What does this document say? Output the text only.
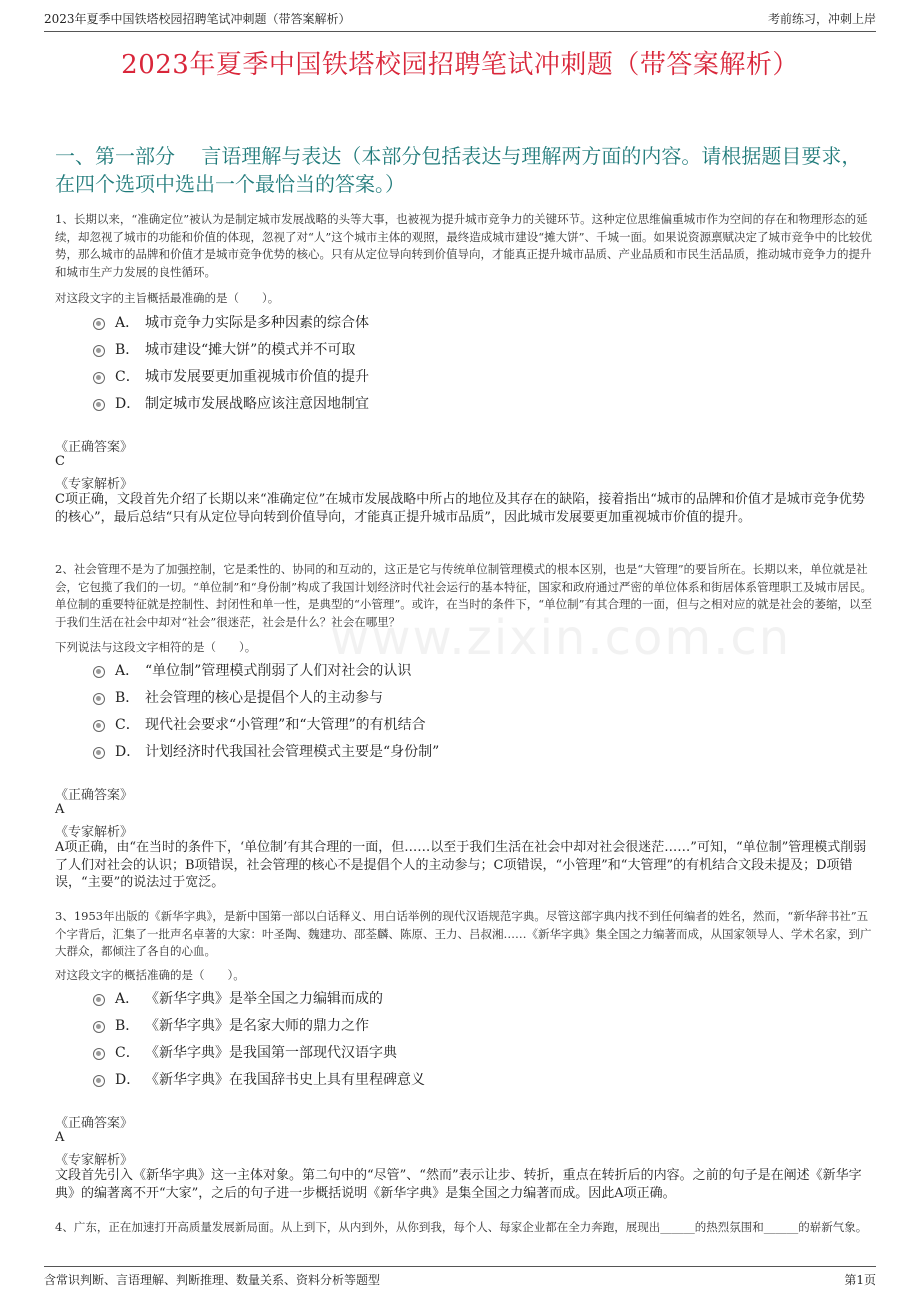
2023年夏季中国铁塔校园招聘笔试冲刺题（带答案解析）	考前练习，冲刺上岸
2023年夏季中国铁塔校园招聘笔试冲刺题（带答案解析）
一、第一部分　 言语理解与表达（本部分包括表达与理解两方面的内容。请根据题目要求，在四个选项中选出一个最恰当的答案。）
www.zixin.com.cn
1、长期以来，“准确定位”被认为是制定城市发展战略的头等大事，也被视为提升城市竞争力的关键环节。这种定位思维偏重城市作为空间的存在和物理形态的延续，却忽视了城市的功能和价值的体现，忽视了对“人”这个城市主体的观照，最终造成城市建设“摊大饼”、千城一面。如果说资源禀赋决定了城市竞争中的比较优势，那么城市的品牌和价值才是城市竞争优势的核心。只有从定位导向转到价值导向，才能真正提升城市品质、产业品质和市民生活品质，推动城市竞争力的提升和城市生产力发展的良性循环。
对这段文字的主旨概括最准确的是（　　）。
A． 城市竞争力实际是多种因素的综合体
B． 城市建设“摊大饼”的模式并不可取
C． 城市发展要更加重视城市价值的提升
D． 制定城市发展战略应该注意因地制宜
《正确答案》
C
《专家解析》
C项正确，文段首先介绍了长期以来“准确定位”在城市发展战略中所占的地位及其存在的缺陷，接着指出“城市的品牌和价值才是城市竞争优势的核心”，最后总结“只有从定位导向转到价值导向，才能真正提升城市品质”，因此城市发展要更加重视城市价值的提升。
2、社会管理不是为了加强控制，它是柔性的、协同的和互动的，这正是它与传统单位制管理模式的根本区别，也是“大管理”的要旨所在。长期以来，单位就是社会，它包揽了我们的一切。“单位制”和“身份制”构成了我国计划经济时代社会运行的基本特征，国家和政府通过严密的单位体系和街居体系管理职工及城市居民。单位制的重要特征就是控制性、封闭性和单一性，是典型的“小管理”。或许，在当时的条件下，“单位制”有其合理的一面，但与之相对应的就是社会的萎缩，以至于我们生活在社会中却对“社会”很迷茫，社会是什么？社会在哪里？
下列说法与这段文字相符的是（　　）。
A． “单位制”管理模式削弱了人们对社会的认识
B． 社会管理的核心是提倡个人的主动参与
C． 现代社会要求“小管理”和“大管理”的有机结合
D． 计划经济时代我国社会管理模式主要是“身份制”
《正确答案》
A
《专家解析》
A项正确，由“在当时的条件下，‘单位制’有其合理的一面，但……以至于我们生活在社会中却对社会很迷茫……”可知，“单位制”管理模式削弱了人们对社会的认识；B项错误，社会管理的核心不是提倡个人的主动参与；C项错误，“小管理”和“大管理”的有机结合文段未提及；D项错误，“主要”的说法过于宽泛。
3、1953年出版的《新华字典》，是新中国第一部以白话释义、用白话举例的现代汉语规范字典。尽管这部字典内找不到任何编者的姓名，然而，“新华辞书社”五个字背后，汇集了一批声名卓著的大家：叶圣陶、魏建功、邵荃麟、陈原、王力、吕叔湘……《新华字典》集全国之力编著而成，从国家领导人、学术名家，到广大群众，都倾注了各自的心血。
对这段文字的概括准确的是（　　）。
A． 《新华字典》是举全国之力编辑而成的
B． 《新华字典》是名家大师的鼎力之作
C． 《新华字典》是我国第一部现代汉语字典
D． 《新华字典》在我国辞书史上具有里程碑意义
《正确答案》
A
《专家解析》
文段首先引入《新华字典》这一主体对象。第二句中的“尽管”、“然而”表示让步、转折，重点在转折后的内容。之前的句子是在阐述《新华字典》的编著离不开“大家”，之后的句子进一步概括说明《新华字典》是集全国之力编著而成。因此A项正确。
4、广东，正在加速打开高质量发展新局面。从上到下，从内到外，从你到我，每个人、每家企业都在全力奔跑，展现出______的热烈氛围和______的崭新气象。
含常识判断、言语理解、判断推理、数量关系、资料分析等题型	第1页
